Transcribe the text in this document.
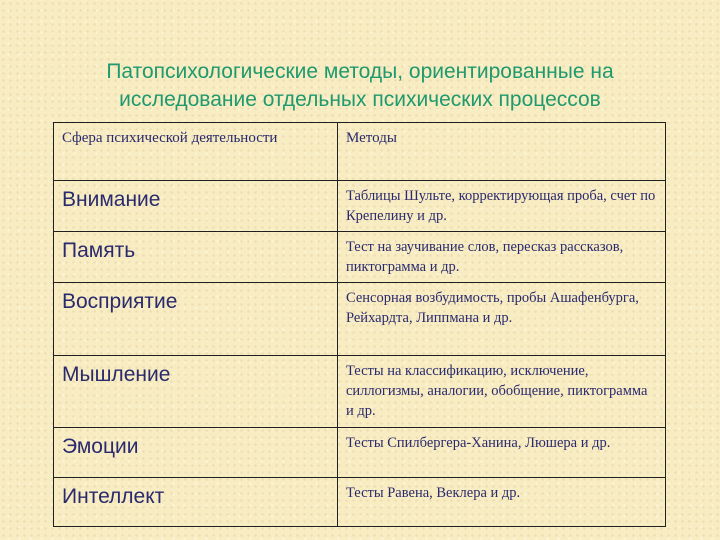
Патопсихологические методы, ориентированные на
исследование отдельных психических процессов
Сфера психической деятельности	Методы
Внимание	Таблицы Шульте, корректирующая проба, счет по Крепелину и др.
Память	Тест на заучивание слов, пересказ рассказов, пиктограмма и др.
Восприятие	Сенсорная возбудимость, пробы Ашафенбурга, Рейхардта, Липпмана и др.
Мышление	Тесты на классификацию, исключение, силлогизмы, аналогии, обобщение, пиктограмма и др.
Эмоции	Тесты Спилбергера-Ханина, Люшера и др.
Интеллект	Тесты Равена, Веклера и др.
